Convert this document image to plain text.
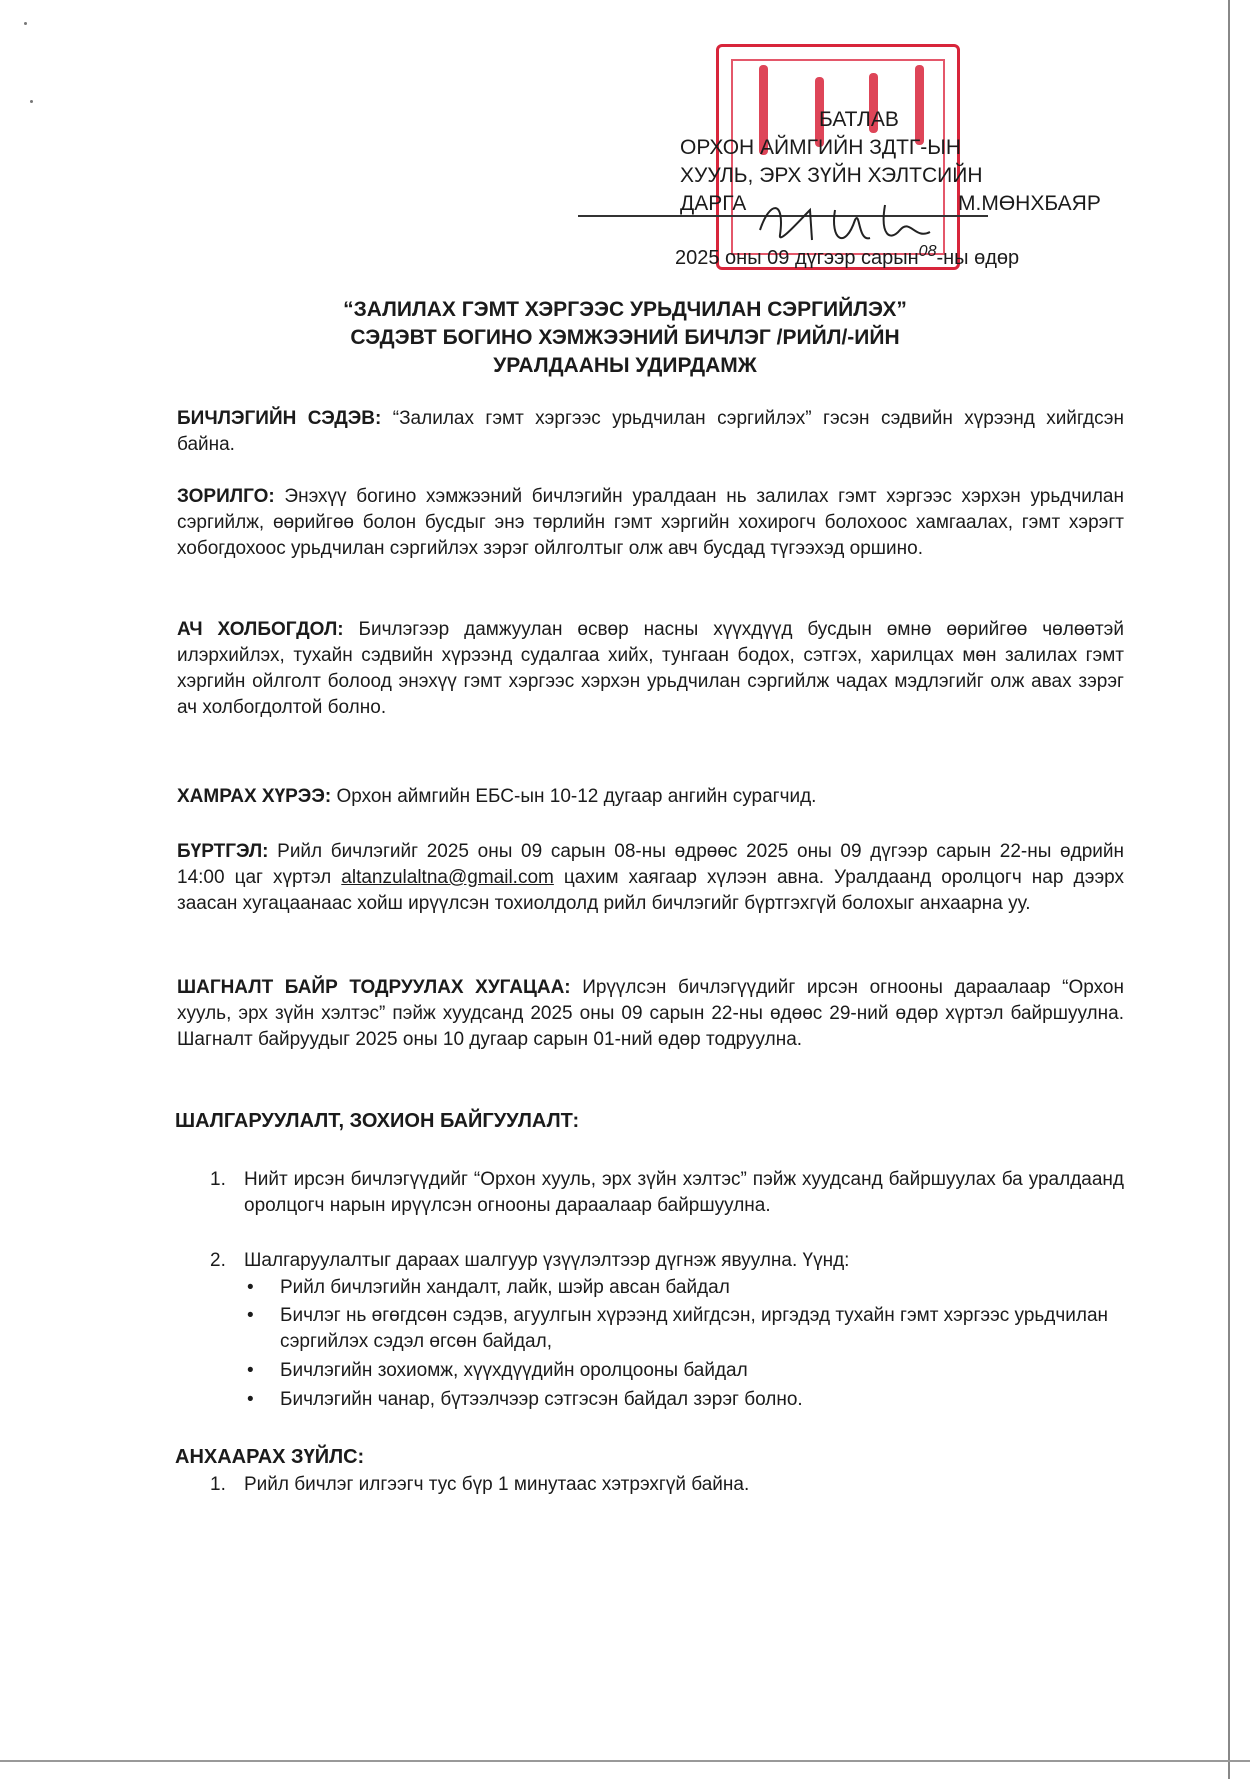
БАТЛАВ
ОРХОН АЙМГИЙН ЗДТГ-ЫН
ХУУЛЬ, ЭРХ ЗҮЙН ХЭЛТСИЙН
ДАРГА	М.МӨНХБАЯР
2025 оны 09 дүгээр сарын$^{08}$-ны өдөр
“ЗАЛИЛАХ ГЭМТ ХЭРГЭЭС УРЬДЧИЛАН СЭРГИЙЛЭХ”
СЭДЭВТ БОГИНО ХЭМЖЭЭНИЙ БИЧЛЭГ /РИЙЛ/-ИЙН
УРАЛДААНЫ УДИРДАМЖ
БИЧЛЭГИЙН СЭДЭВ: “Залилах гэмт хэргээс урьдчилан сэргийлэх” гэсэн сэдвийн хүрээнд хийгдсэн байна.
ЗОРИЛГО: Энэхүү богино хэмжээний бичлэгийн уралдаан нь залилах гэмт хэргээс хэрхэн урьдчилан сэргийлж, өөрийгөө болон бусдыг энэ төрлийн гэмт хэргийн хохирогч болохоос хамгаалах, гэмт хэрэгт хобогдохоос урьдчилан сэргийлэх зэрэг ойлголтыг олж авч бусдад түгээхэд оршино.
АЧ ХОЛБОГДОЛ: Бичлэгээр дамжуулан өсвөр насны хүүхдүүд бусдын өмнө өөрийгөө чөлөөтэй илэрхийлэх, тухайн сэдвийн хүрээнд судалгаа хийх, тунгаан бодох, сэтгэх, харилцах мөн залилах гэмт хэргийн ойлголт болоод энэхүү гэмт хэргээс хэрхэн урьдчилан сэргийлж чадах мэдлэгийг олж авах зэрэг ач холбогдолтой болно.
ХАМРАХ ХҮРЭЭ: Орхон аймгийн ЕБС-ын 10-12 дугаар ангийн сурагчид.
БҮРТГЭЛ: Рийл бичлэгийг 2025 оны 09 сарын 08-ны өдрөөс 2025 оны 09 дүгээр сарын 22-ны өдрийн 14:00 цаг хүртэл altanzulaltna@gmail.com цахим хаягаар хүлээн авна. Уралдаанд оролцогч нар дээрх заасан хугацаанаас хойш ирүүлсэн тохиолдолд рийл бичлэгийг бүртгэхгүй болохыг анхаарна уу.
ШАГНАЛТ БАЙР ТОДРУУЛАХ ХУГАЦАА: Ирүүлсэн бичлэгүүдийг ирсэн огнооны дараалаар “Орхон хууль, эрх зүйн хэлтэс” пэйж хуудсанд 2025 оны 09 сарын 22-ны өдөөс 29-ний өдөр хүртэл байршуулна. Шагналт байруудыг 2025 оны 10 дугаар сарын 01-ний өдөр тодруулна.
ШАЛГАРУУЛАЛТ, ЗОХИОН БАЙГУУЛАЛТ:
1. Нийт ирсэн бичлэгүүдийг “Орхон хууль, эрх зүйн хэлтэс” пэйж хуудсанд байршуулах ба уралдаанд оролцогч нарын ирүүлсэн огнооны дараалаар байршуулна.
2. Шалгаруулалтыг дараах шалгуур үзүүлэлтээр дүгнэж явуулна. Үүнд:
• Рийл бичлэгийн хандалт, лайк, шэйр авсан байдал
• Бичлэг нь өгөгдсөн сэдэв, агуулгын хүрээнд хийгдсэн, иргэдэд тухайн гэмт хэргээс урьдчилан сэргийлэх сэдэл өгсөн байдал,
• Бичлэгийн зохиомж, хүүхдүүдийн оролцооны байдал
• Бичлэгийн чанар, бүтээлчээр сэтгэсэн байдал зэрэг болно.
АНХААРАХ ЗҮЙЛС:
1. Рийл бичлэг илгээгч тус бүр 1 минутаас хэтрэхгүй байна.
